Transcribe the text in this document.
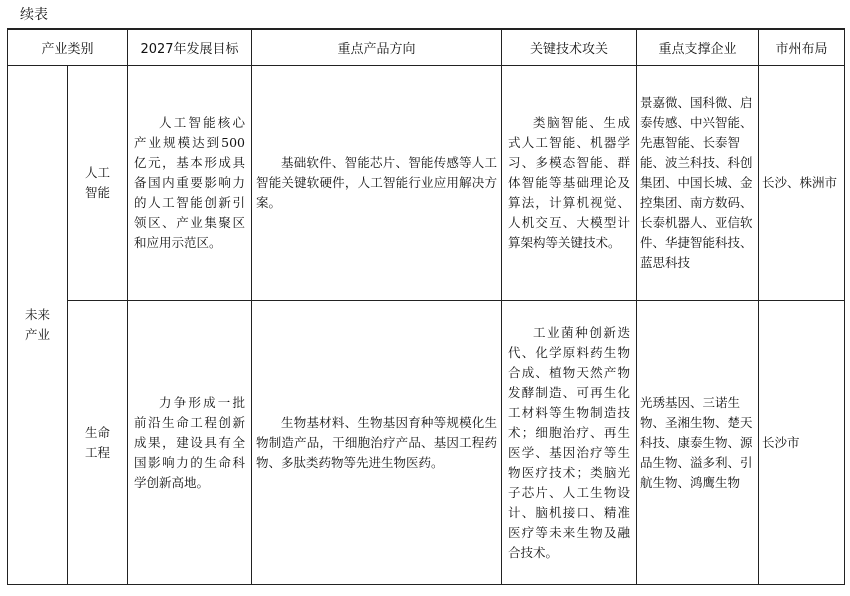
续表
产业类别		2027年发展目标	重点产品方向	关键技术攻关	重点支撑企业	市州布局

未来产业	人工智能	人工智能核心产业规模达到500亿元，基本形成具备国内重要影响力的人工智能创新引领区、产业集聚区和应用示范区。	基础软件、智能芯片、智能传感等人工智能关键软硬件，人工智能行业应用解决方案。	类脑智能、生成式人工智能、机器学习、多模态智能、群体智能等基础理论及算法，计算机视觉、人机交互、大模型计算架构等关键技术。	景嘉微、国科微、启泰传感、中兴智能、先惠智能、长泰智能、波兰科技、科创集团、中国长城、金控集团、南方数码、长泰机器人、亚信软件、华捷智能科技、蓝思科技	长沙、株洲市

	生命工程	力争形成一批前沿生命工程创新成果，建设具有全国影响力的生命科学创新高地。	生物基材料、生物基因育种等规模化生物制造产品，干细胞治疗产品、基因工程药物、多肽类药物等先进生物医药。	工业菌种创新迭代、化学原料药生物合成、植物天然产物发酵制造、可再生化工材料等生物制造技术；细胞治疗、再生医学、基因治疗等生物医疗技术；类脑光子芯片、人工生物设计、脑机接口、精准医疗等未来生物及融合技术。	光琇基因、三诺生物、圣湘生物、楚天科技、康泰生物、源品生物、溢多利、引航生物、鸿鹰生物	长沙市
